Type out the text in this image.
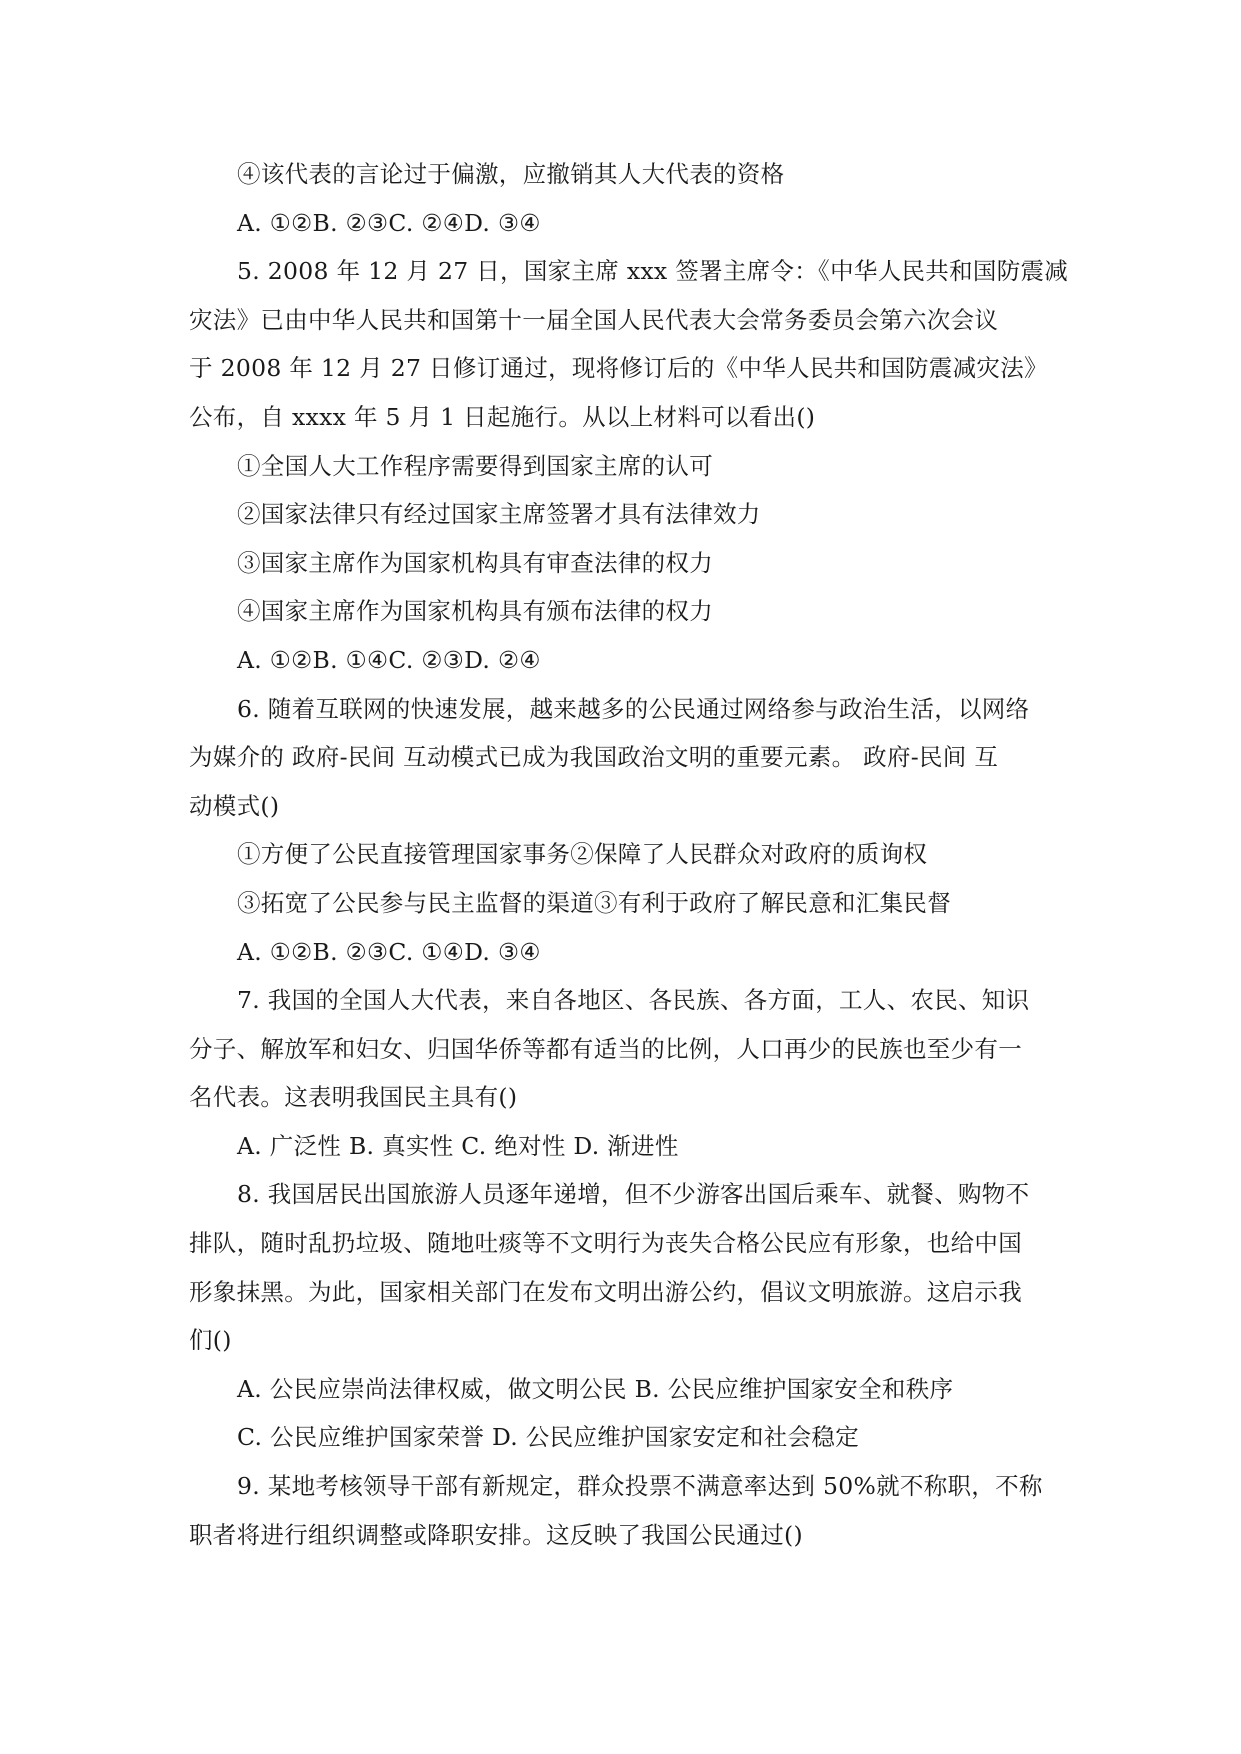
④该代表的言论过于偏激，应撤销其人大代表的资格
A. ①②B. ②③C. ②④D. ③④
5. 2008 年 12 月 27 日，国家主席 xxx 签署主席令：《中华人民共和国防震减
灾法》已由中华人民共和国第十一届全国人民代表大会常务委员会第六次会议
于 2008 年 12 月 27 日修订通过，现将修订后的《中华人民共和国防震减灾法》
公布，自 xxxx 年 5 月 1 日起施行。从以上材料可以看出()
①全国人大工作程序需要得到国家主席的认可
②国家法律只有经过国家主席签署才具有法律效力
③国家主席作为国家机构具有审查法律的权力
④国家主席作为国家机构具有颁布法律的权力
A. ①②B. ①④C. ②③D. ②④
6. 随着互联网的快速发展，越来越多的公民通过网络参与政治生活，以网络
为媒介的 政府-民间 互动模式已成为我国政治文明的重要元素。 政府-民间 互
动模式()
①方便了公民直接管理国家事务②保障了人民群众对政府的质询权
③拓宽了公民参与民主监督的渠道③有利于政府了解民意和汇集民督
A. ①②B. ②③C. ①④D. ③④
7. 我国的全国人大代表，来自各地区、各民族、各方面，工人、农民、知识
分子、解放军和妇女、归国华侨等都有适当的比例，人口再少的民族也至少有一
名代表。这表明我国民主具有()
A. 广泛性 B. 真实性 C. 绝对性 D. 渐进性
8. 我国居民出国旅游人员逐年递增，但不少游客出国后乘车、就餐、购物不
排队，随时乱扔垃圾、随地吐痰等不文明行为丧失合格公民应有形象，也给中国
形象抹黑。为此，国家相关部门在发布文明出游公约，倡议文明旅游。这启示我
们()
A. 公民应崇尚法律权威，做文明公民 B. 公民应维护国家安全和秩序
C. 公民应维护国家荣誉 D. 公民应维护国家安定和社会稳定
9. 某地考核领导干部有新规定，群众投票不满意率达到 50%就不称职，不称
职者将进行组织调整或降职安排。这反映了我国公民通过()
